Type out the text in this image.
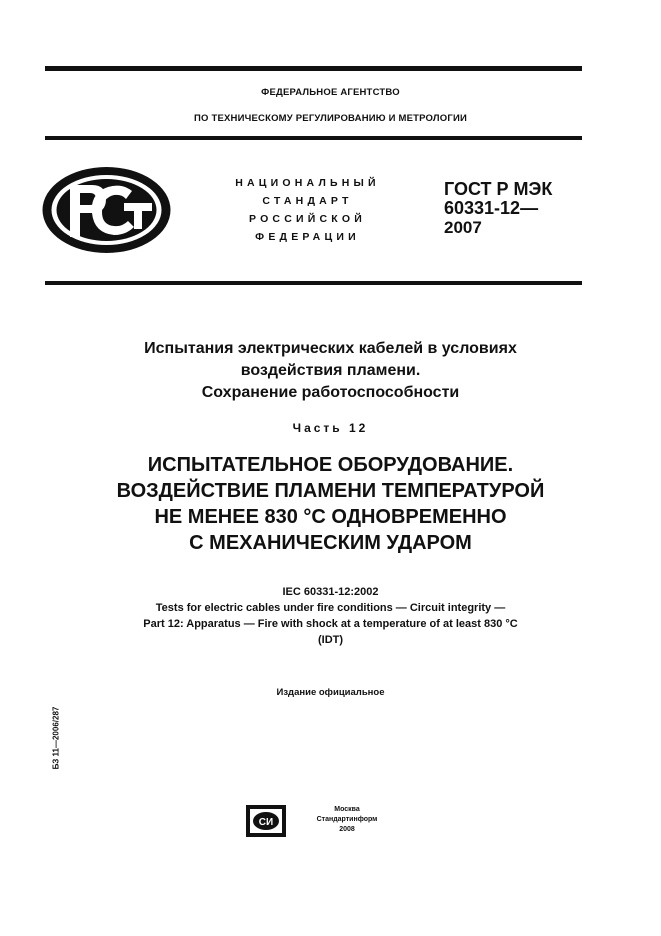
ФЕДЕРАЛЬНОЕ АГЕНТСТВО
ПО ТЕХНИЧЕСКОМУ РЕГУЛИРОВАНИЮ И МЕТРОЛОГИИ
НАЦИОНАЛЬНЫЙ
СТАНДАРТ
РОССИЙСКОЙ
ФЕДЕРАЦИИ
ГОСТ Р МЭК
60331-12—
2007
Испытания электрических кабелей в условиях
воздействия пламени.
Сохранение работоспособности
Часть 12
ИСПЫТАТЕЛЬНОЕ ОБОРУДОВАНИЕ.
ВОЗДЕЙСТВИЕ ПЛАМЕНИ ТЕМПЕРАТУРОЙ
НЕ МЕНЕЕ 830 °С ОДНОВРЕМЕННО
С МЕХАНИЧЕСКИМ УДАРОМ
IEC 60331-12:2002
Tests for electric cables under fire conditions — Circuit integrity —
Part 12: Apparatus — Fire with shock at a temperature of at least 830 °C
(IDT)
Издание официальное
БЗ 11—2006/287
СИ
Москва
Стандартинформ
2008
